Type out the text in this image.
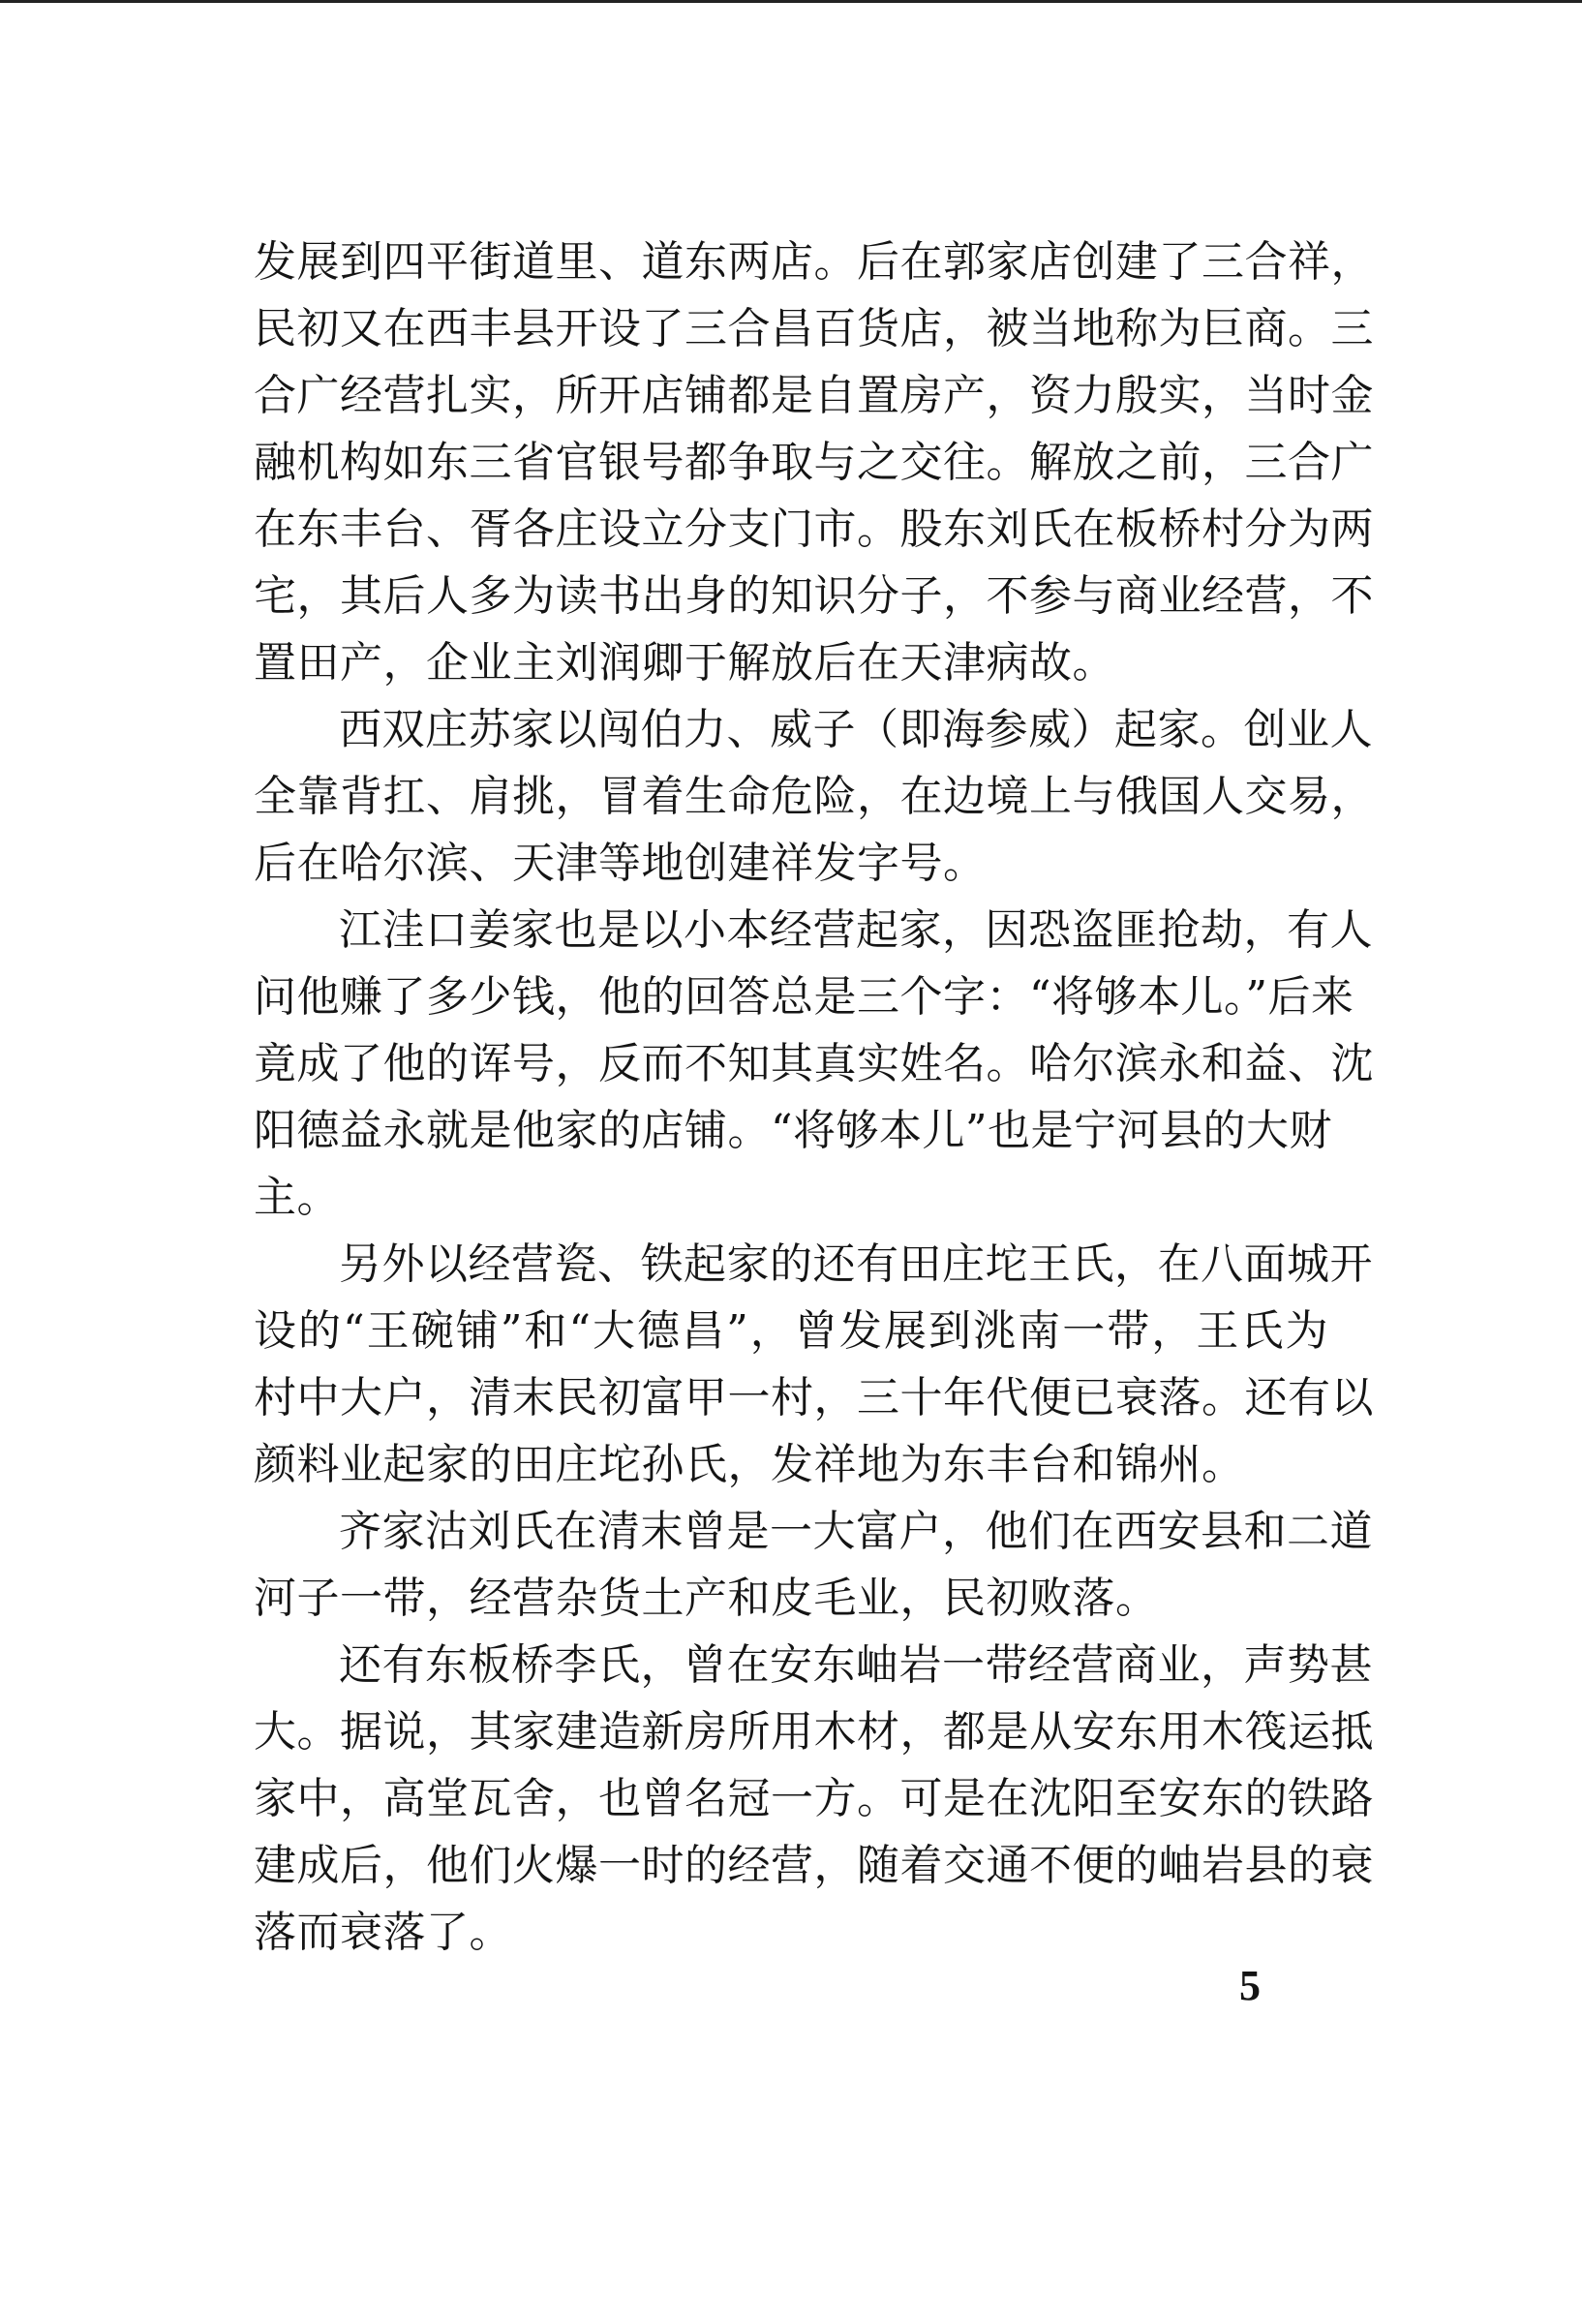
发展到四平街道里、道东两店。后在郭家店创建了三合祥，
民初又在西丰县开设了三合昌百货店，被当地称为巨商。三
合广经营扎实，所开店铺都是自置房产，资力殷实，当时金
融机构如东三省官银号都争取与之交往。解放之前，三合广
在东丰台、胥各庄设立分支门市。股东刘氏在板桥村分为两
宅，其后人多为读书出身的知识分子，不参与商业经营，不
置田产，企业主刘润卿于解放后在天津病故。
西双庄苏家以闯伯力、威子（即海参威）起家。创业人
全靠背扛、肩挑，冒着生命危险，在边境上与俄国人交易，
后在哈尔滨、天津等地创建祥发字号。
江洼口姜家也是以小本经营起家，因恐盗匪抢劫，有人
问他赚了多少钱，他的回答总是三个字：“将够本儿。”后来
竟成了他的诨号，反而不知其真实姓名。哈尔滨永和益、沈
阳德益永就是他家的店铺。“将够本儿”也是宁河县的大财
主。
另外以经营瓷、铁起家的还有田庄坨王氏，在八面城开
设的“王碗铺”和“大德昌”，曾发展到洮南一带，王氏为
村中大户，清末民初富甲一村，三十年代便已衰落。还有以
颜料业起家的田庄坨孙氏，发祥地为东丰台和锦州。
齐家沽刘氏在清末曾是一大富户，他们在西安县和二道
河子一带，经营杂货土产和皮毛业，民初败落。
还有东板桥李氏，曾在安东岫岩一带经营商业，声势甚
大。据说，其家建造新房所用木材，都是从安东用木筏运抵
家中，高堂瓦舍，也曾名冠一方。可是在沈阳至安东的铁路
建成后，他们火爆一时的经营，随着交通不便的岫岩县的衰
落而衰落了。
5
